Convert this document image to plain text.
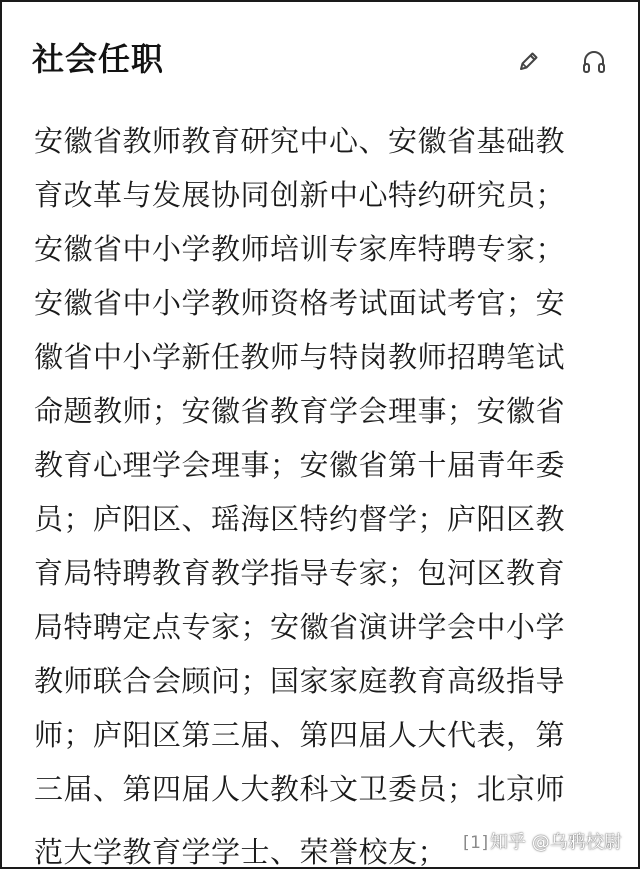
社会任职
安徽省教师教育研究中心、安徽省基础教
育改革与发展协同创新中心特约研究员；
安徽省中小学教师培训专家库特聘专家；
安徽省中小学教师资格考试面试考官；安
徽省中小学新任教师与特岗教师招聘笔试
命题教师；安徽省教育学会理事；安徽省
教育心理学会理事；安徽省第十届青年委
员；庐阳区、瑶海区特约督学；庐阳区教
育局特聘教育教学指导专家；包河区教育
局特聘定点专家；安徽省演讲学会中小学
教师联合会顾问；国家家庭教育高级指导
师；庐阳区第三届、第四届人大代表，第
三届、第四届人大教科文卫委员；北京师
范大学教育学学士、荣誉校友； [1] 知乎 @乌鸦校尉
